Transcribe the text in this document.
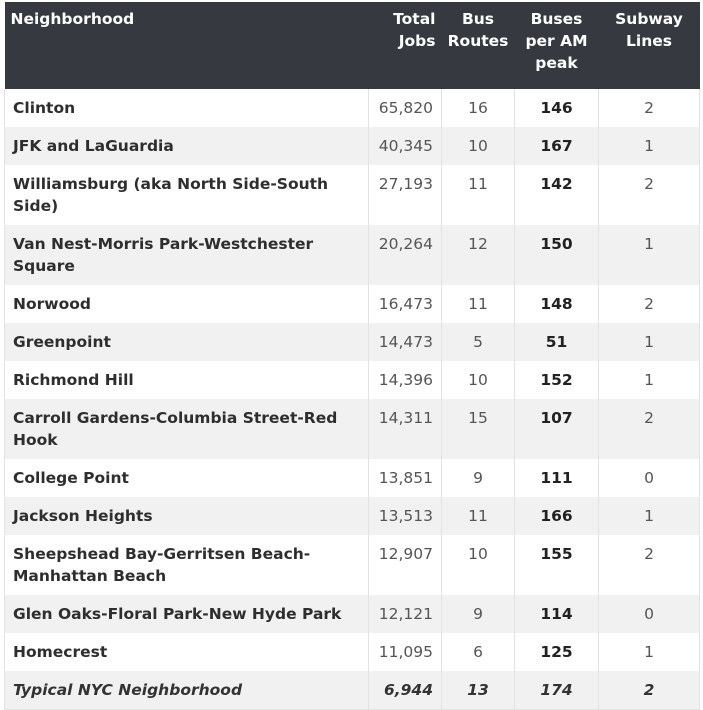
Neighborhood	Total Jobs	Bus Routes	Buses per AM peak	Subway Lines
Clinton	65,820	16	146	2
JFK and LaGuardia	40,345	10	167	1
Williamsburg (aka North Side-South Side)	27,193	11	142	2
Van Nest-Morris Park-Westchester Square	20,264	12	150	1
Norwood	16,473	11	148	2
Greenpoint	14,473	5	51	1
Richmond Hill	14,396	10	152	1
Carroll Gardens-Columbia Street-Red Hook	14,311	15	107	2
College Point	13,851	9	111	0
Jackson Heights	13,513	11	166	1
Sheepshead Bay-Gerritsen Beach-Manhattan Beach	12,907	10	155	2
Glen Oaks-Floral Park-New Hyde Park	12,121	9	114	0
Homecrest	11,095	6	125	1
Typical NYC Neighborhood	6,944	13	174	2
